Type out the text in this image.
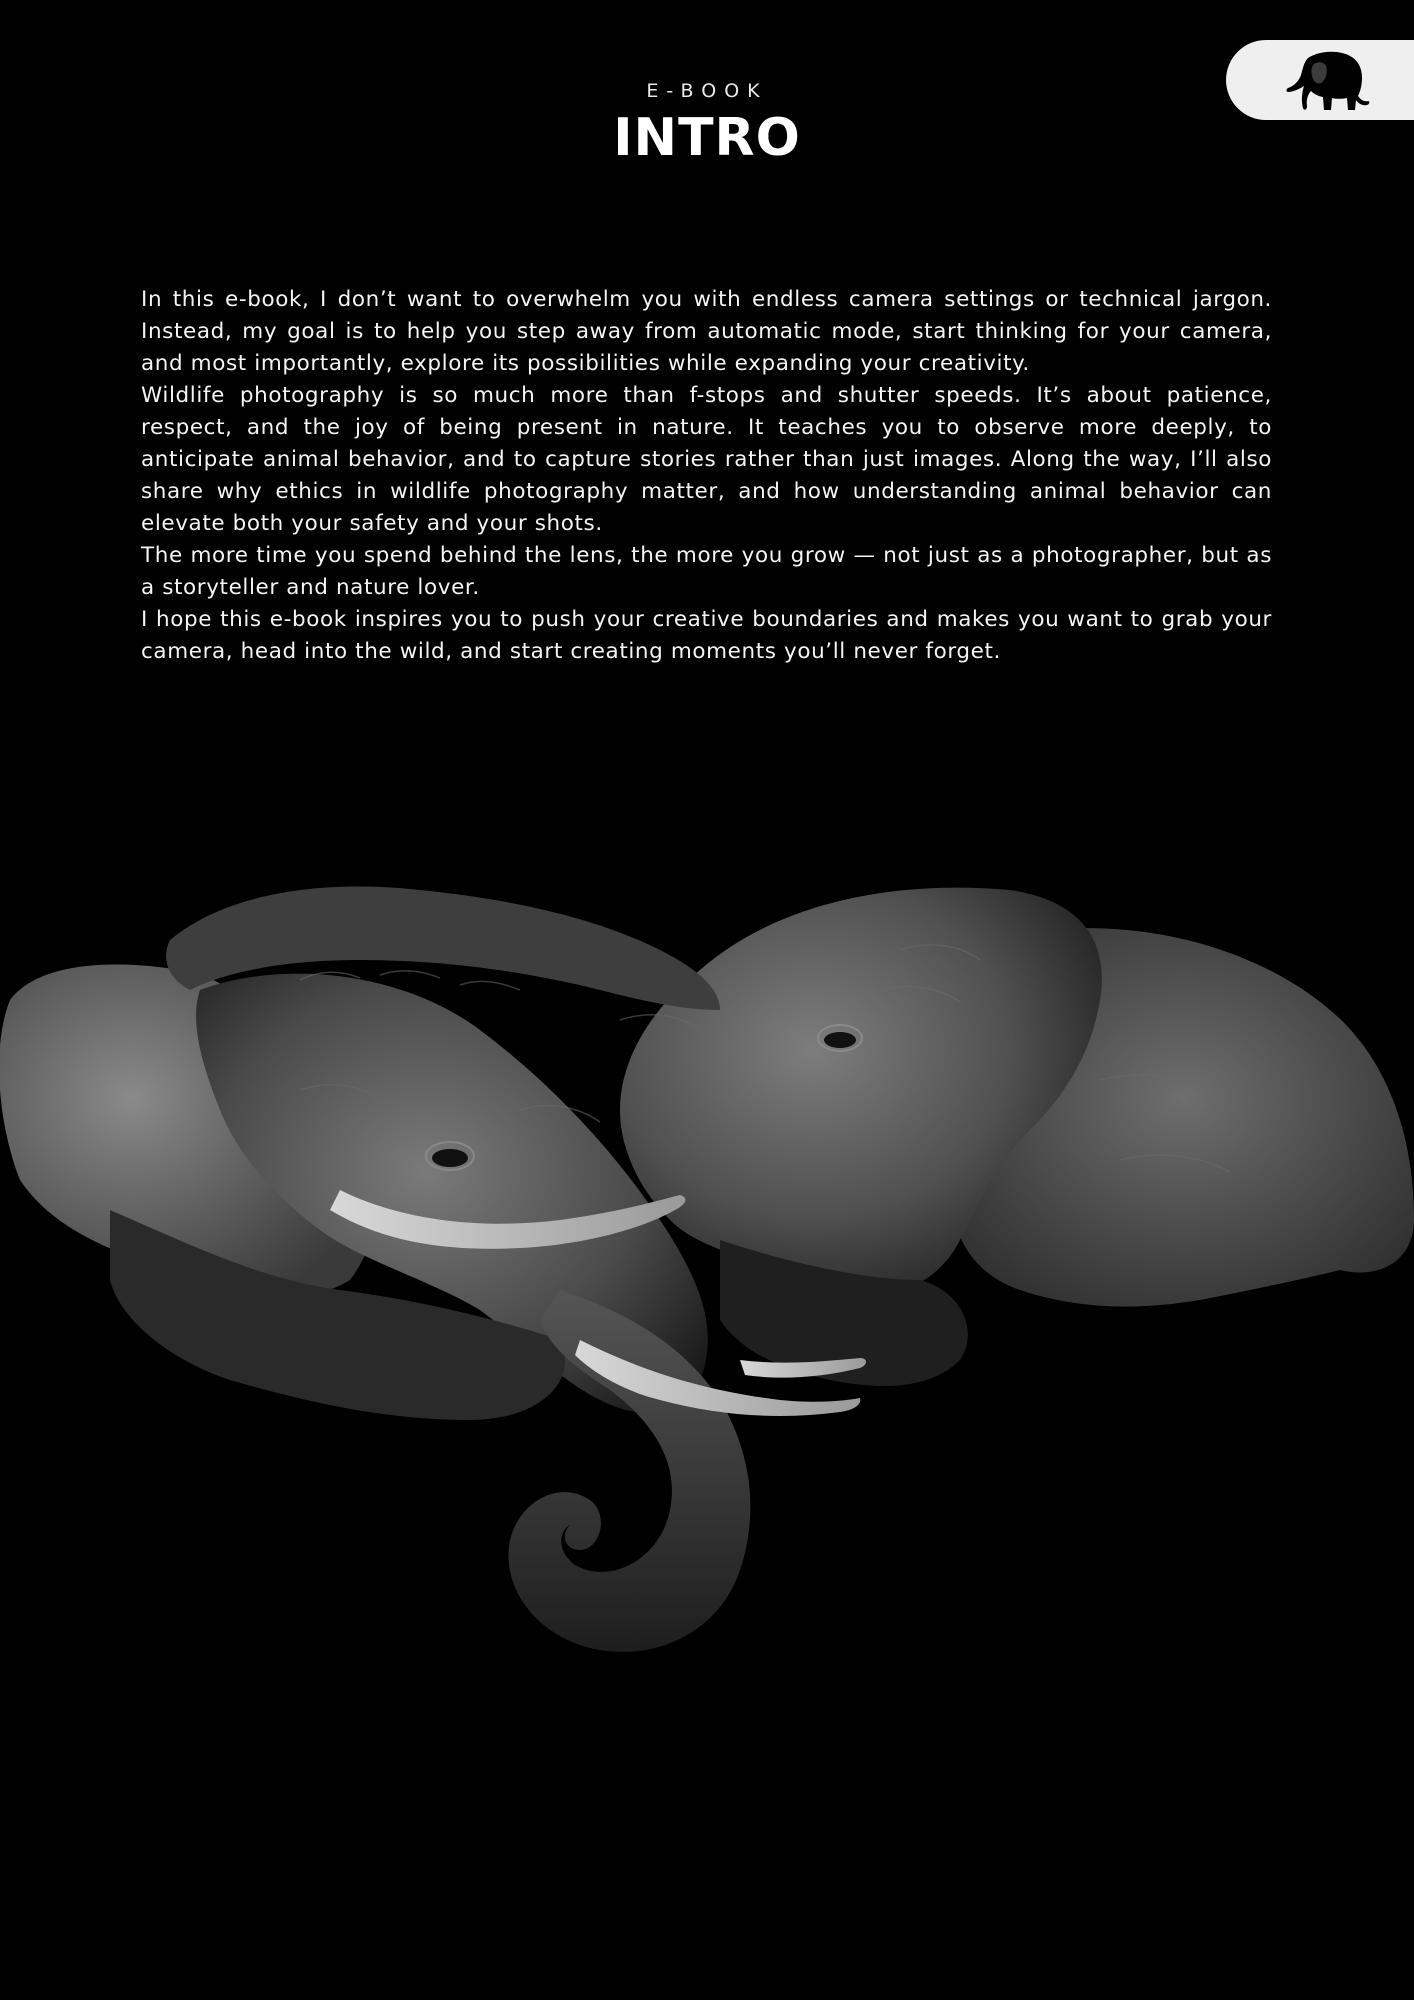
E-BOOK
INTRO

In this e-book, I don’t want to overwhelm you with endless camera settings or technical jargon. Instead, my goal is to help you step away from automatic mode, start thinking for your camera, and most importantly, explore its possibilities while expanding your creativity.

Wildlife photography is so much more than f-stops and shutter speeds. It’s about patience, respect, and the joy of being present in nature. It teaches you to observe more deeply, to anticipate animal behavior, and to capture stories rather than just images. Along the way, I’ll also share why ethics in wildlife photography matter, and how understanding animal behavior can elevate both your safety and your shots.

The more time you spend behind the lens, the more you grow — not just as a photographer, but as a storyteller and nature lover.

I hope this e-book inspires you to push your creative boundaries and makes you want to grab your camera, head into the wild, and start creating moments you’ll never forget.
